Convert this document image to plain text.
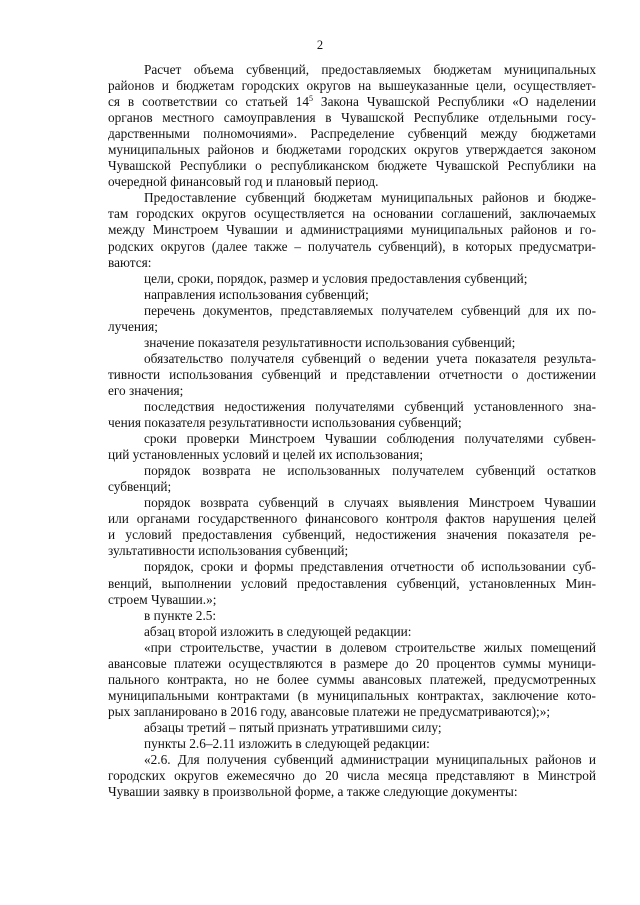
2
Расчет объема субвенций, предоставляемых бюджетам муниципальных
районов и бюджетам городских округов на вышеуказанные цели, осуществляет-
ся в соответствии со статьей $14^5$ Закона Чувашской Республики «О наделении
органов местного самоуправления в Чувашской Республике отдельными госу-
дарственными полномочиями». Распределение субвенций между бюджетами
муниципальных районов и бюджетами городских округов утверждается законом
Чувашской Республики о республиканском бюджете Чувашской Республики на
очередной финансовый год и плановый период.
Предоставление субвенций бюджетам муниципальных районов и бюдже-
там городских округов осуществляется на основании соглашений, заключаемых
между Минстроем Чувашии и администрациями муниципальных районов и го-
родских округов (далее также – получатель субвенций), в которых предусматри-
ваются:
цели, сроки, порядок, размер и условия предоставления субвенций;
направления использования субвенций;
перечень документов, представляемых получателем субвенций для их по-
лучения;
значение показателя результативности использования субвенций;
обязательство получателя субвенций о ведении учета показателя результа-
тивности использования субвенций и представлении отчетности о достижении
его значения;
последствия недостижения получателями субвенций установленного зна-
чения показателя результативности использования субвенций;
сроки проверки Минстроем Чувашии соблюдения получателями субвен-
ций установленных условий и целей их использования;
порядок возврата не использованных получателем субвенций остатков
субвенций;
порядок возврата субвенций в случаях выявления Минстроем Чувашии
или органами государственного финансового контроля фактов нарушения целей
и условий предоставления субвенций, недостижения значения показателя ре-
зультативности использования субвенций;
порядок, сроки и формы представления отчетности об использовании суб-
венций, выполнении условий предоставления субвенций, установленных Мин-
строем Чувашии.»;
в пункте 2.5:
абзац второй изложить в следующей редакции:
«при строительстве, участии в долевом строительстве жилых помещений
авансовые платежи осуществляются в размере до 20 процентов суммы муници-
пального контракта, но не более суммы авансовых платежей, предусмотренных
муниципальными контрактами (в муниципальных контрактах, заключение кото-
рых запланировано в 2016 году, авансовые платежи не предусматриваются);»;
абзацы третий – пятый признать утратившими силу;
пункты 2.6–2.11 изложить в следующей редакции:
«2.6. Для получения субвенций администрации муниципальных районов и
городских округов ежемесячно до 20 числа месяца представляют в Минстрой
Чувашии заявку в произвольной форме, а также следующие документы:
